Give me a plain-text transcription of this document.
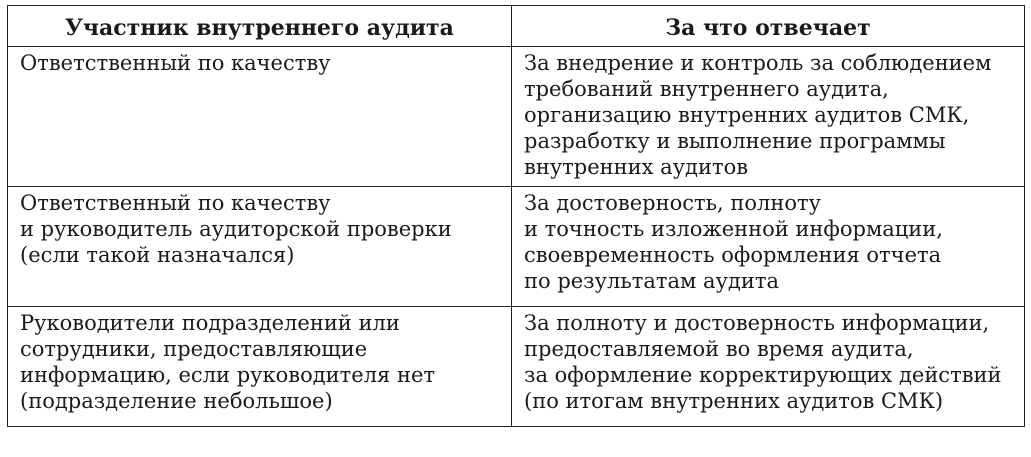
Участник внутреннего аудита	За что отвечает

Ответственный по качеству	За внедрение и контроль за соблюдением
требований внутреннего аудита,
организацию внутренних аудитов СМК,
разработку и выполнение программы
внутренних аудитов

Ответственный по качеству
и руководитель аудиторской проверки
(если такой назначался)	За достоверность, полноту
и точность изложенной информации,
своевременность оформления отчета
по результатам аудита

Руководители подразделений или
сотрудники, предоставляющие
информацию, если руководителя нет
(подразделение небольшое)	За полноту и достоверность информации,
предоставляемой во время аудита,
за оформление корректирующих действий
(по итогам внутренних аудитов СМК)
